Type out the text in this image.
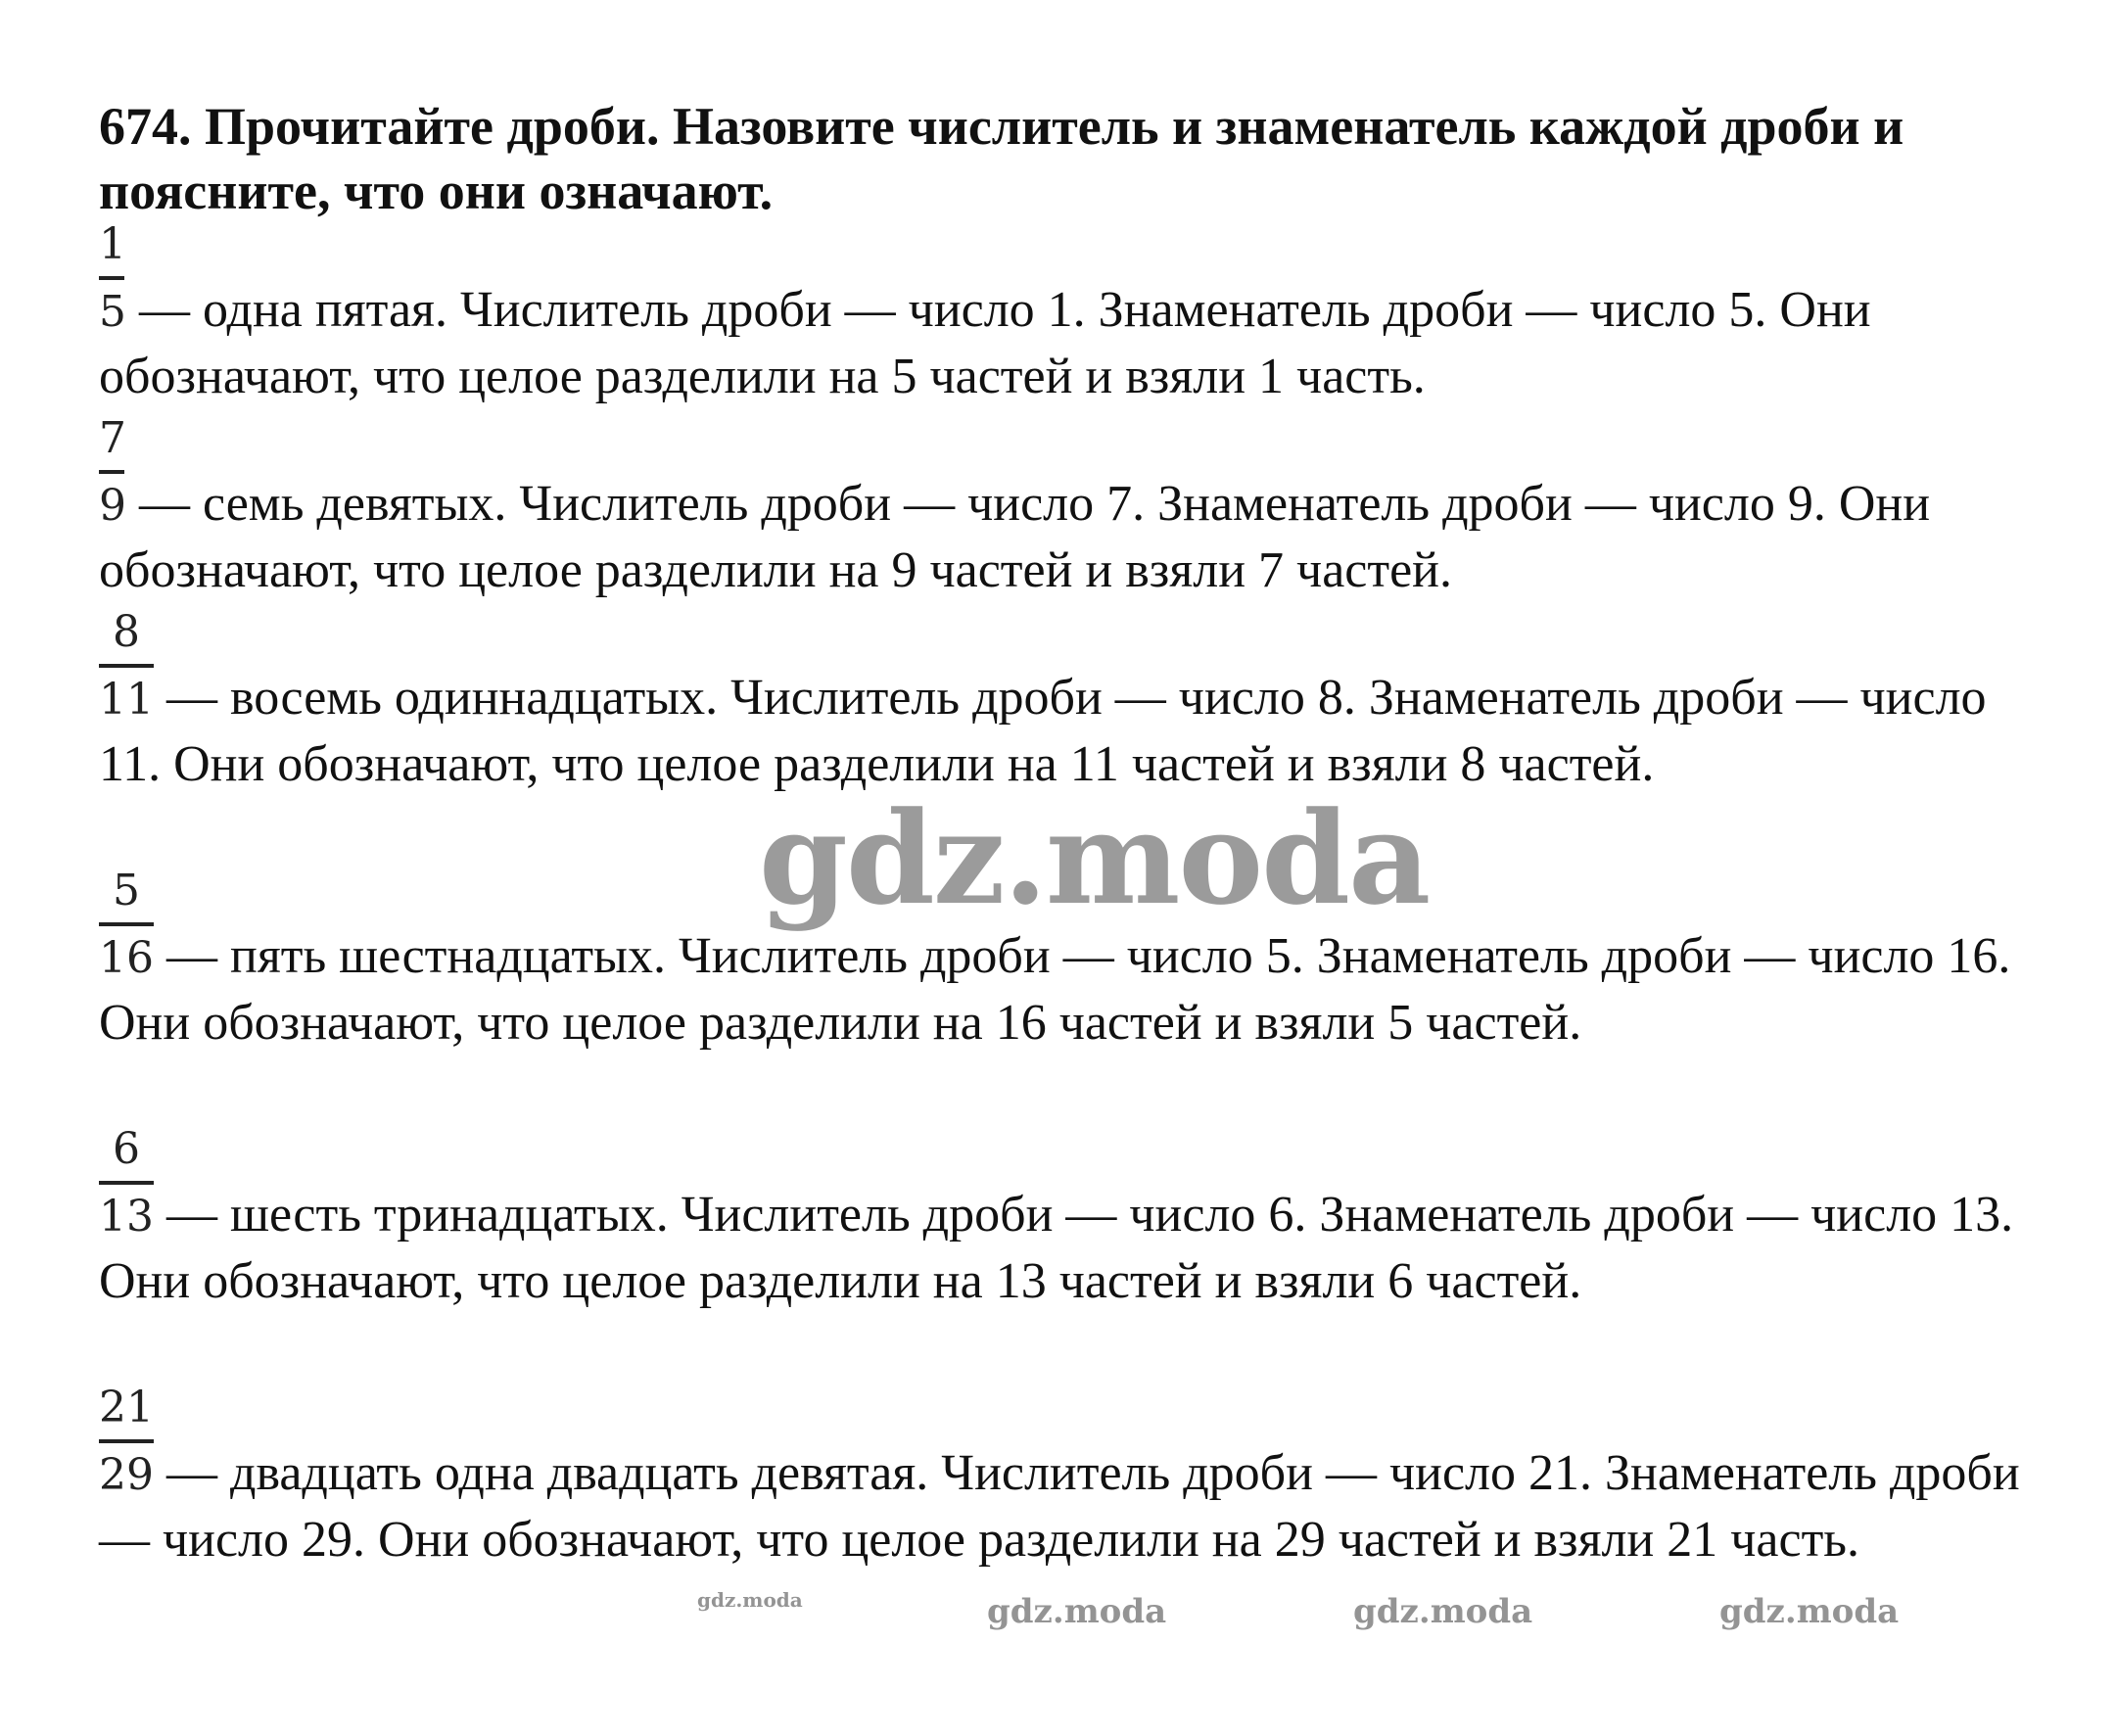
674. Прочитайте дроби. Назовите числитель и знаменатель каждой дроби и поясните, что они означают.

1

5 — одна пятая. Числитель дроби — число 1. Знаменатель дроби — число 5. Они обозначают, что целое разделили на 5 частей и взяли 1 часть.

7

9 — семь девятых. Числитель дроби — число 7. Знаменатель дроби — число 9. Они обозначают, что целое разделили на 9 частей и взяли 7 частей.

8

11 — восемь одиннадцатых. Числитель дроби — число 8. Знаменатель дроби — число 11. Они обозначают, что целое разделили на 11 частей и взяли 8 частей.

5

16 — пять шестнадцатых. Числитель дроби — число 5. Знаменатель дроби — число 16. Они обозначают, что целое разделили на 16 частей и взяли 5 частей.

6

13 — шесть тринадцатых. Числитель дроби — число 6. Знаменатель дроби — число 13. Они обозначают, что целое разделили на 13 частей и взяли 6 частей.

21

29 — двадцать одна двадцать девятая. Числитель дроби — число 21. Знаменатель дроби — число 29. Они обозначают, что целое разделили на 29 частей и взяли 21 часть.

gdz.moda
gdz.moda	gdz.moda	gdz.moda	gdz.moda
